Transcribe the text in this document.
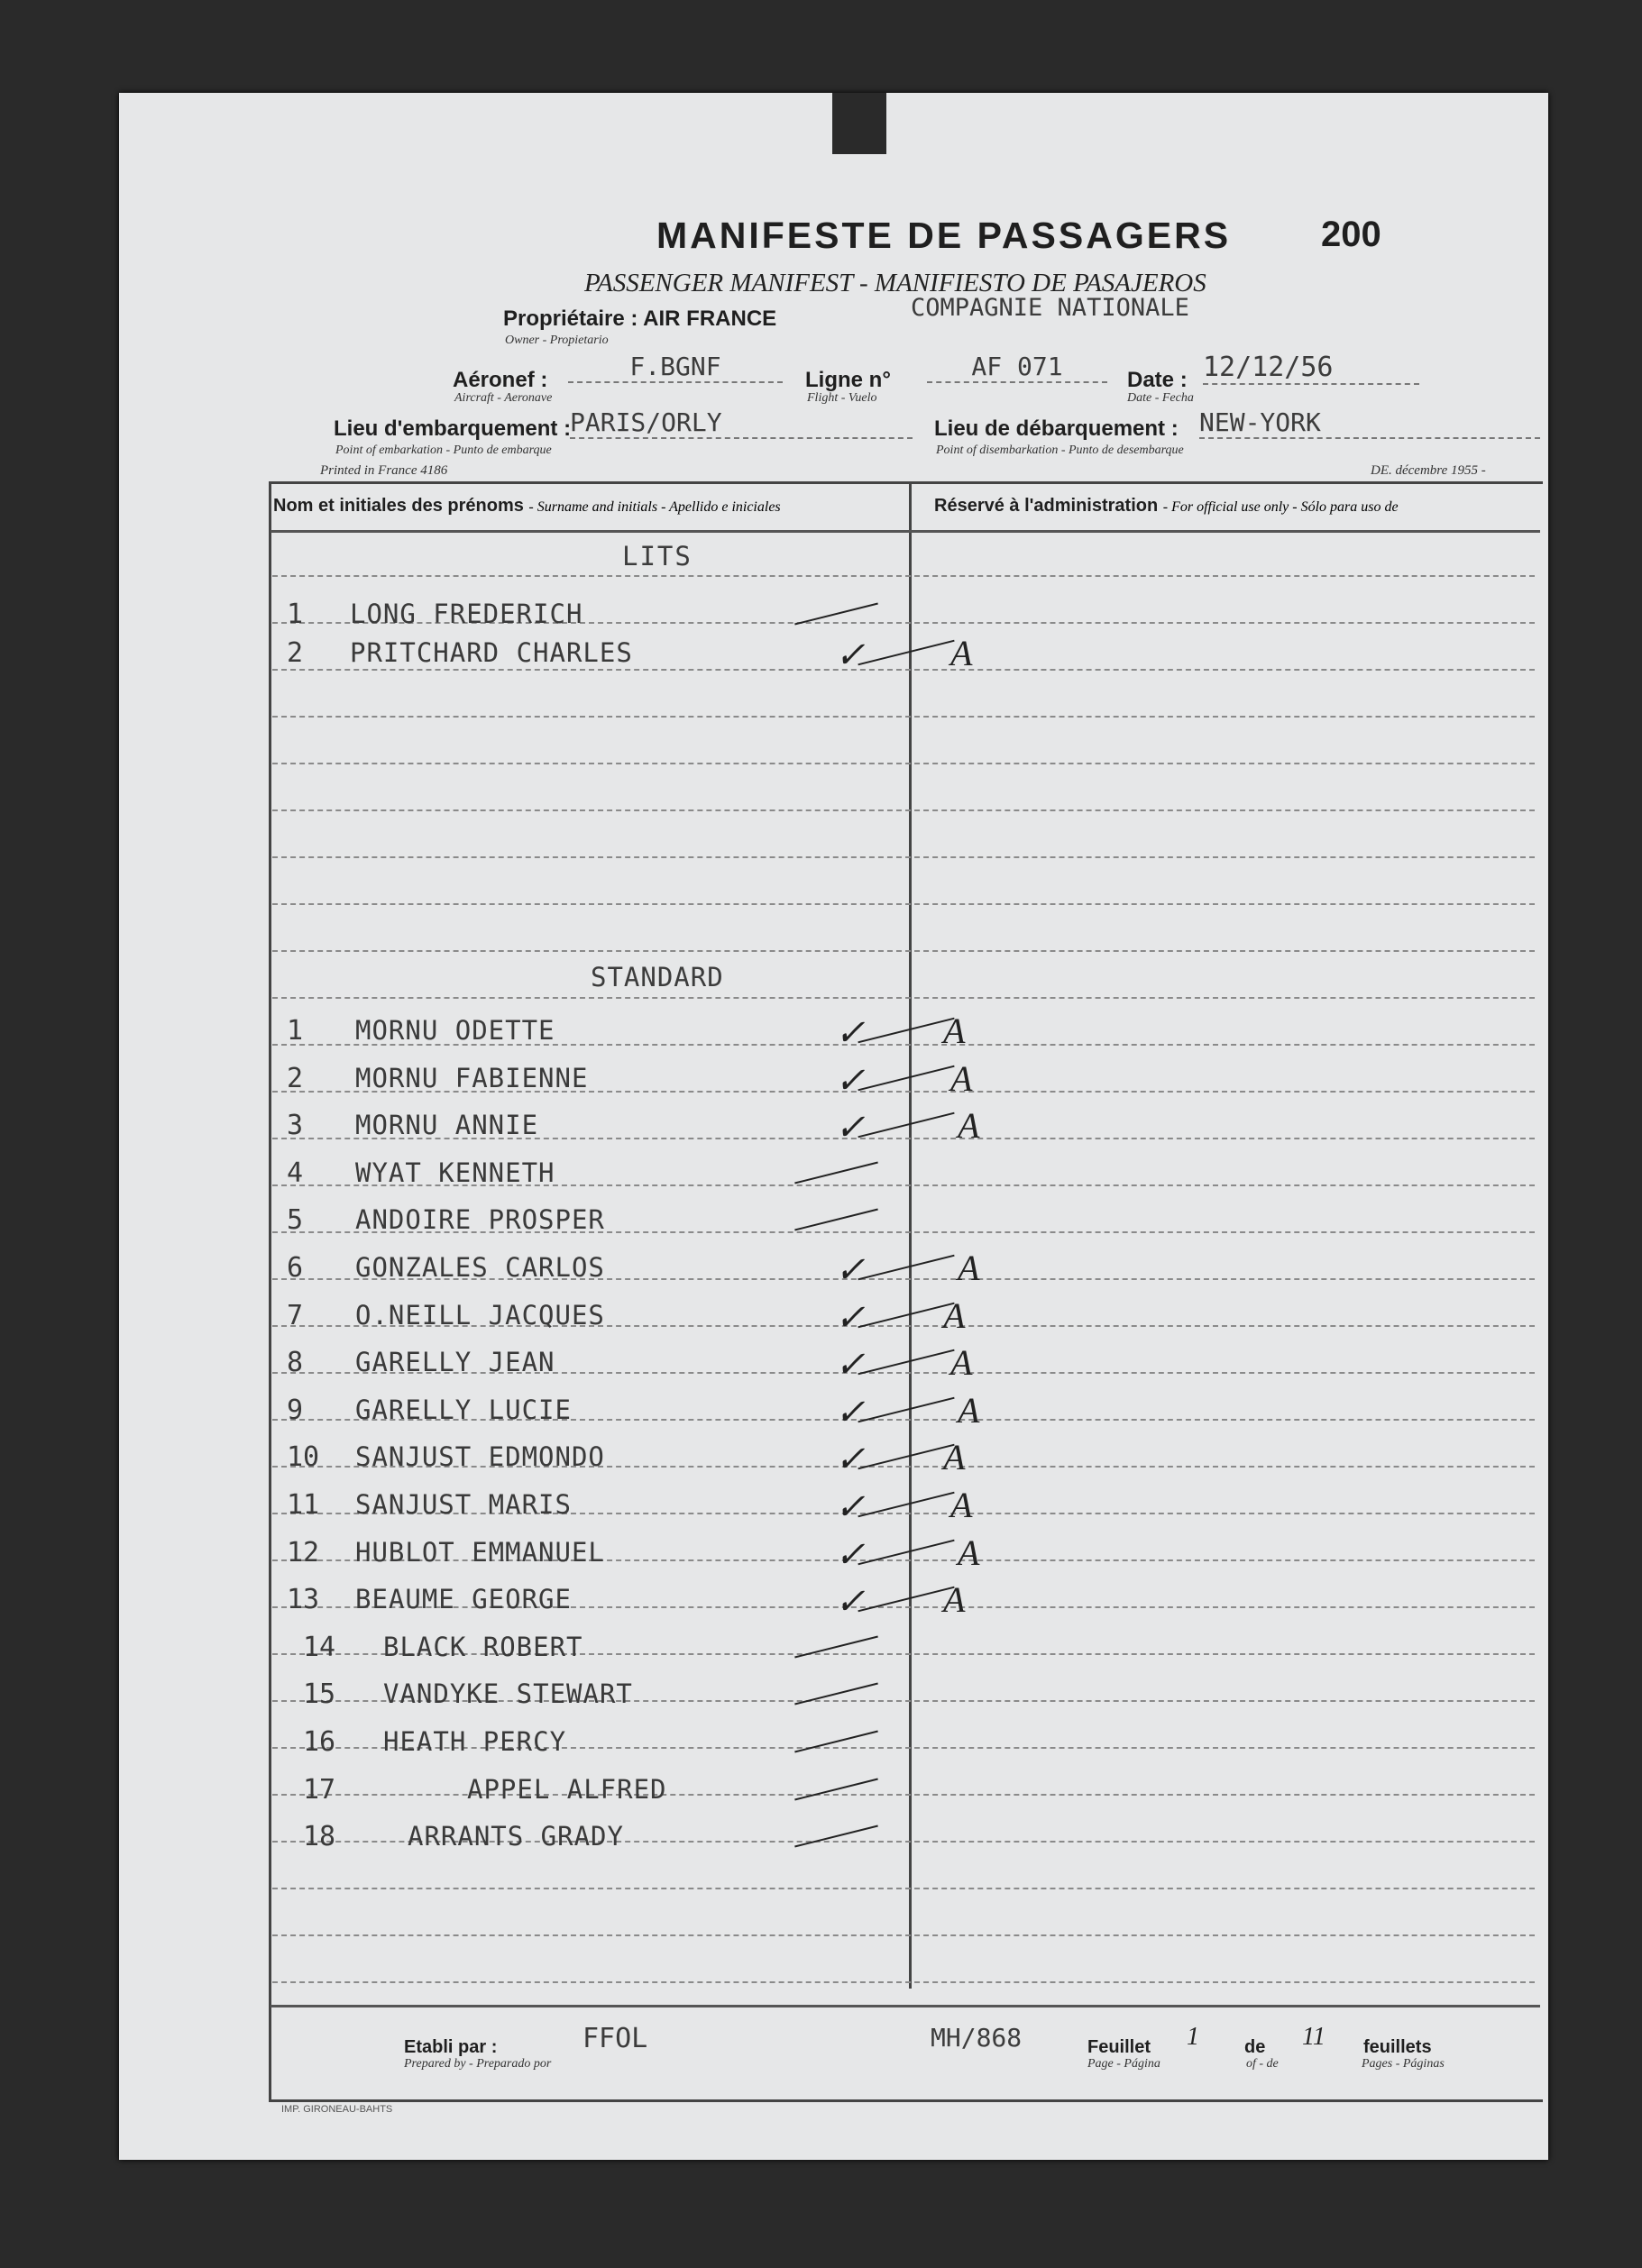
MANIFESTE DE PASSAGERS 200
PASSENGER MANIFEST - MANIFIESTO DE PASAJEROS
Propriétaire : AIR FRANCE
Owner - Propietario
COMPAGNIE NATIONALE
Aéronef :
Aircraft - Aeronave
F.BGNF	Ligne n°
Flight - Vuelo
AF 071	Date :
Date - Fecha
12/12/56
Lieu d'embarquement :
Point of embarkation - Punto de embarque
PARIS/ORLY	Lieu de débarquement :
Point of disembarkation - Punto de desembarque
NEW-YORK
Printed in France 4186	DE. décembre 1955 -
Nom et initiales des prénoms - Surname and initials - Apellido e iniciales	Réservé à l'administration - For official use only - Sólo para uso de
LITS
STANDARD
1 LONG FREDERICH
2 PRITCHARD CHARLES	✓ A
1 MORNU ODETTE	✓ A
2 MORNU FABIENNE	✓ A
3 MORNU ANNIE	✓	A
4 WYAT KENNETH
5 ANDOIRE PROSPER
6 GONZALES CARLOS	✓	A
7 O.NEILL JACQUES	✓ A
8 GARELLY JEAN	✓ A
9 GARELLY LUCIE	✓	A
10 SANJUST EDMONDO	✓ A
11 SANJUST MARIS	✓ A
12 HUBLOT EMMANUEL	✓	A
13 BEAUME GEORGE	✓ A
14 BLACK ROBERT
15 VANDYKE STEWART
16 HEATH PERCY
17	APPEL ALFRED
18	ARRANTS GRADY
Etabli par :
Prepared by - Preparado por
FFOL	MH/868	Feuillet
Page - Página
1	de
of - de
11 feuillets
Pages - Páginas
IMP. GIRONEAU-BAHTS
